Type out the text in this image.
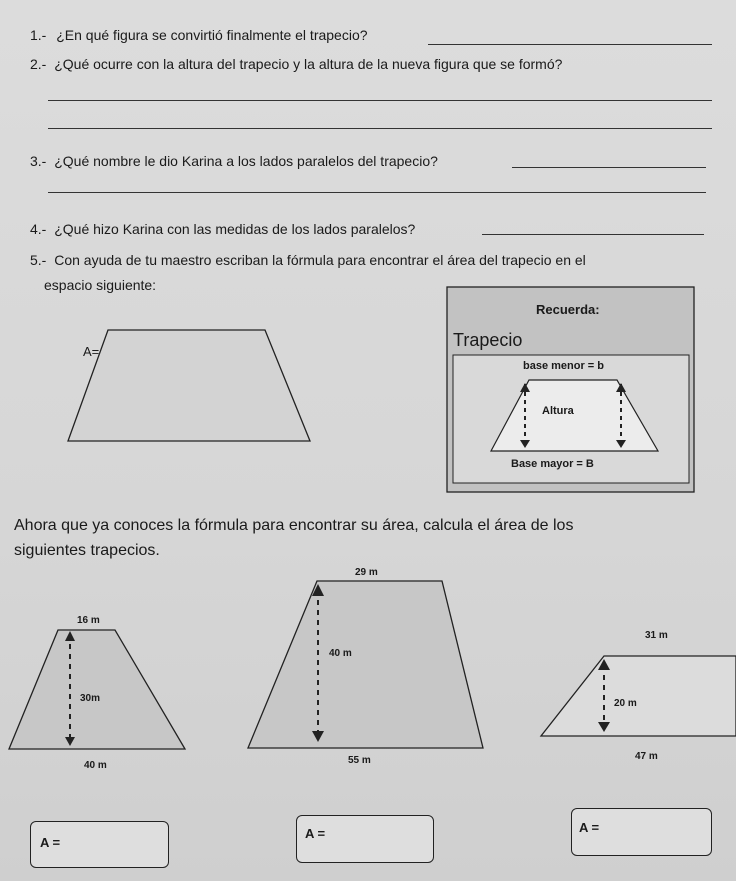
1.- ¿En qué figura se convirtió finalmente el trapecio?
2.- ¿Qué ocurre con la altura del trapecio y la altura de la nueva figura que se formó?
3.- ¿Qué nombre le dio Karina a los lados paralelos del trapecio?
4.- ¿Qué hizo Karina con las medidas de los lados paralelos?
5.- Con ayuda de tu maestro escriban la fórmula para encontrar el área del trapecio en el
espacio siguiente:
A=
Recuerda:
Trapecio
base menor = b
Altura
Base mayor = B
Ahora que ya conoces la fórmula para encontrar su área, calcula el área de los
siguientes trapecios.
16 m
30m
40 m
29 m
40 m
55 m
31 m
20 m
47 m
A =
A =	A =
